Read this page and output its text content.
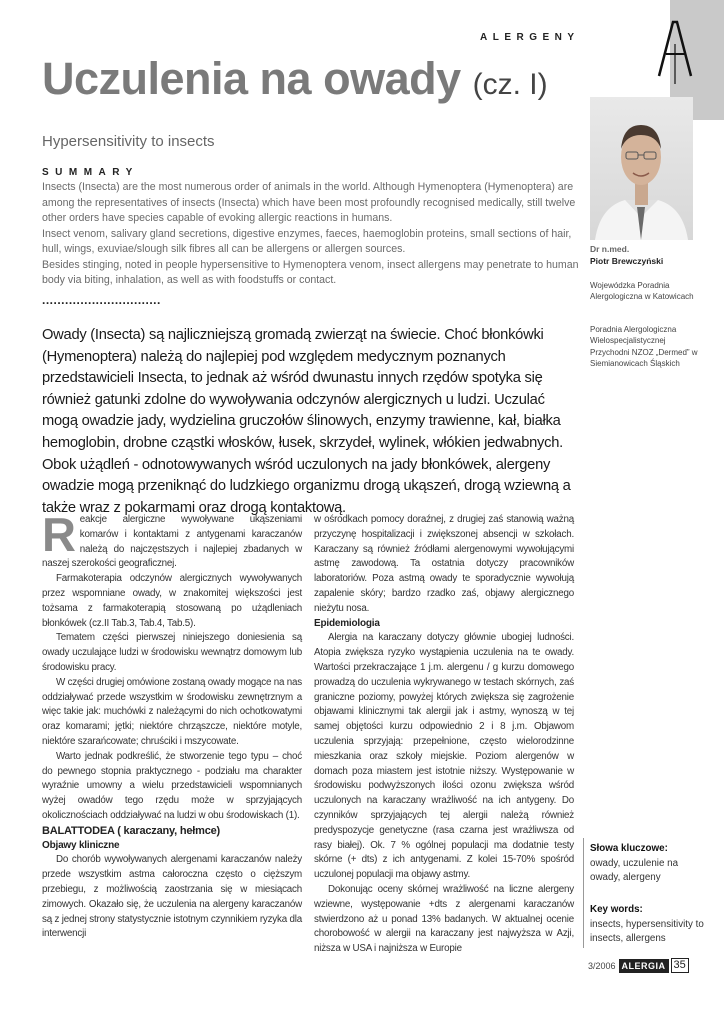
ALERGENY
Uczulenia na owady (cz. I)
Hypersensitivity to insects
SUMMARY

Insects (Insecta) are the most numerous order of animals in the world. Although Hymenoptera (Hymenoptera) are among the representatives of insects (Insecta) which have been most profoundly recognised medically, still twelve other orders have species capable of evoking allergic reactions in humans.

Insect venom, salivary gland secretions, digestive enzymes, faeces, haemoglobin proteins, small sections of hair, hull, wings, exuviae/slough silk fibres all can be allergens or allergen sources.

Besides stinging, noted in people hypersensitive to Hymenoptera venom, insect allergens may penetrate to human body via biting, inhalation, as well as with foodstuffs or contact.

...............................
Owady (Insecta) są najliczniejszą gromadą zwierząt na świecie. Choć błonkówki (Hymenoptera) należą do najlepiej pod względem medycznym poznanych przedstawicieli Insecta, to jednak aż wśród dwunastu innych rzędów spotyka się również gatunki zdolne do wywoływania odczynów alergicznych u ludzi. Uczulać mogą owadzie jady, wydzielina gruczołów ślinowych, enzymy trawienne, kał, białka hemoglobin, drobne cząstki włosków, łusek, skrzydeł, wylinek, włókien jedwabnych. Obok użądleń - odnotowywanych wśród uczulonych na jady błonkówek, alergeny owadzie mogą przeniknąć do ludzkiego organizmu drogą ukąszeń, drogą wziewną a także wraz z pokarmami oraz drogą kontaktową.
Dr n.med.
Piotr Brewczyński
Wojewódzka Poradnia Alergologiczna w Katowicach
Poradnia Alergologiczna Wielospecjalistycznej Przychodni NZOZ „Dermed” w Siemianowicach Śląskich

Reakcje alergiczne wywoływane ukąszeniami komarów i kontaktami z antygenami karaczanów należą do najczęstszych i najlepiej zbadanych w naszej szerokości geograficznej.

Farmakoterapia odczynów alergicznych wywoływanych przez wspomniane owady, w znakomitej większości jest tożsama z farmakoterapią stosowaną po użądleniach błonkówek (cz.II Tab.3, Tab.4, Tab.5).

Tematem części pierwszej niniejszego doniesienia są owady uczulające ludzi w środowisku wewnątrz domowym lub środowisku pracy.

W części drugiej omówione zostaną owady mogące na nas oddziaływać przede wszystkim w środowisku zewnętrznym a więc takie jak: muchówki z należącymi do nich ochotkowatymi oraz komarami; jętki; niektóre chrząszcze, niektóre motyle, niektóre szarańcowate; chruściki i mszycowate.

Warto jednak podkreślić, że stworzenie tego typu – choć do pewnego stopnia praktycznego - podziału ma charakter wyraźnie umowny a wielu przedstawicieli wspomnianych wyżej owadów tego rzędu może w sprzyjających okolicznościach oddziaływać na ludzi w obu środowiskach (1).

BALATTODEA ( karaczany, hełmce)

Objawy kliniczne

Do chorób wywoływanych alergenami karaczanów należy przede wszystkim astma całoroczna często o cięższym przebiegu, z możliwością zaostrzania się w miesiącach zimowych. Okazało się, że uczulenia na alergeny karaczanów są z jednej strony statystycznie istotnym czynnikiem ryzyka dla interwencji

w ośrodkach pomocy doraźnej, z drugiej zaś stanowią ważną przyczynę hospitalizacji i zwiększonej absencji w szkołach. Karaczany są również źródłami alergenowymi wywołującymi astmę zawodową. Ta ostatnia dotyczy pracowników laboratoriów. Poza astmą owady te sporadycznie wywołują zapalenie skóry; bardzo rzadko zaś, objawy alergicznego nieżytu nosa.

Epidemiologia

Alergia na karaczany dotyczy głównie ubogiej ludności. Atopia zwiększa ryzyko wystąpienia uczulenia na te owady. Wartości przekraczające 1 j.m. alergenu / g kurzu domowego prowadzą do uczulenia wykrywanego w testach skórnych, zaś graniczne poziomy, powyżej których zwiększa się zagrożenie objawami klinicznymi tak alergii jak i astmy, wynoszą w tej samej objętości kurzu odpowiednio 2 i 8 j.m. Objawom uczulenia sprzyjają: przepełnione, często wielorodzinne mieszkania oraz szkoły miejskie. Poziom alergenów w domach poza miastem jest istotnie niższy. Występowanie w środowisku podwyższonych ilości ozonu zwiększa wśród uczulonych na karaczany wrażliwość na ich antygeny. Do czynników sprzyjających tej alergii należą również predyspozycje genetyczne (rasa czarna jest wrażliwsza od rasy białej). Ok. 7 % ogólnej populacji ma dodatnie testy skórne (+ dts) z ich antygenami. Z kolei 15-70% spośród uczulonej populacji ma objawy astmy.

Dokonując oceny skórnej wrażliwość na liczne alergeny wziewne, występowanie +dts z alergenami karaczanów stwierdzono aż u ponad 13% badanych. W aktualnej ocenie chorobowość w alergii na karaczany jest najwyższa w Azji, niższa w USA i najniższa w Europie

Słowa kluczowe:
owady, uczulenie na owady, alergeny
Key words:
insects, hypersensitivity to insects, allergens
3/2006 ALERGIA 35
